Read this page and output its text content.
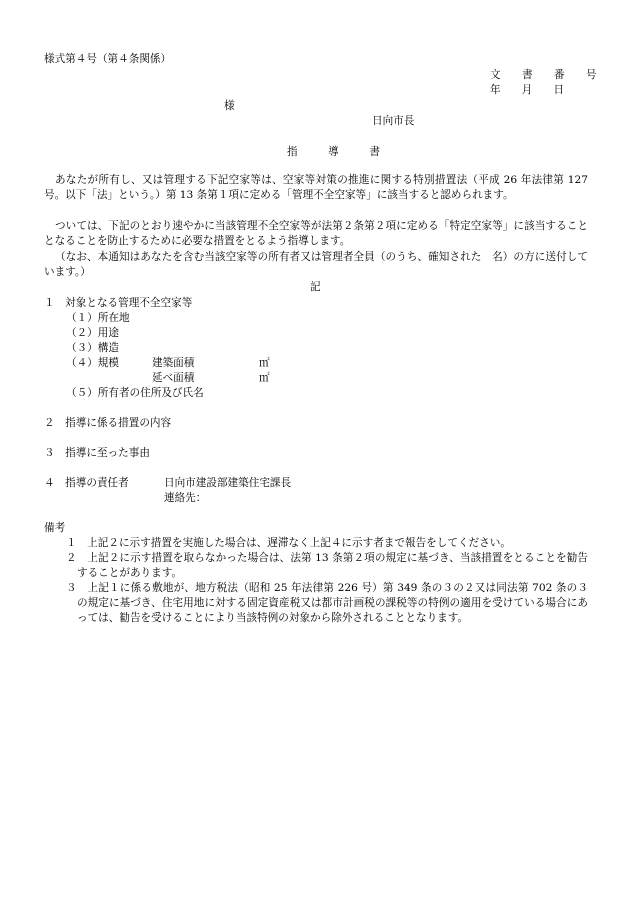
様式第４号（第４条関係）
文 書 番 号
年　　月　　日
様
日向市長
指　導　書
あなたが所有し、又は管理する下記空家等は、空家等対策の推進に関する特別措置法（平成 26 年法律第 127 号。以下「法」という。）第 13 条第１項に定める「管理不全空家等」に該当すると認められます。
ついては、下記のとおり速やかに当該管理不全空家等が法第２条第２項に定める「特定空家等」に該当することとなることを防止するために必要な措置をとるよう指導します。
（なお、本通知はあなたを含む当該空家等の所有者又は管理者全員（のうち、確知された　名）の方に送付しています。）
記
１　対象となる管理不全空家等
（１）所在地
（２）用途
（３）構造
（４）規模	建築面積	㎡
延べ面積	㎡
（５）所有者の住所及び氏名
２　指導に係る措置の内容
３　指導に至った事由
４　指導の責任者	日向市建設部建築住宅課長
連絡先：
備考
１　上記２に示す措置を実施した場合は、遅滞なく上記４に示す者まで報告をしてください。
２　上記２に示す措置を取らなかった場合は、法第 13 条第２項の規定に基づき、当該措置をとることを勧告することがあります。
３　上記１に係る敷地が、地方税法（昭和 25 年法律第 226 号）第 349 条の３の２又は同法第 702 条の３の規定に基づき、住宅用地に対する固定資産税又は都市計画税の課税等の特例の適用を受けている場合にあっては、勧告を受けることにより当該特例の対象から除外されることとなります。
